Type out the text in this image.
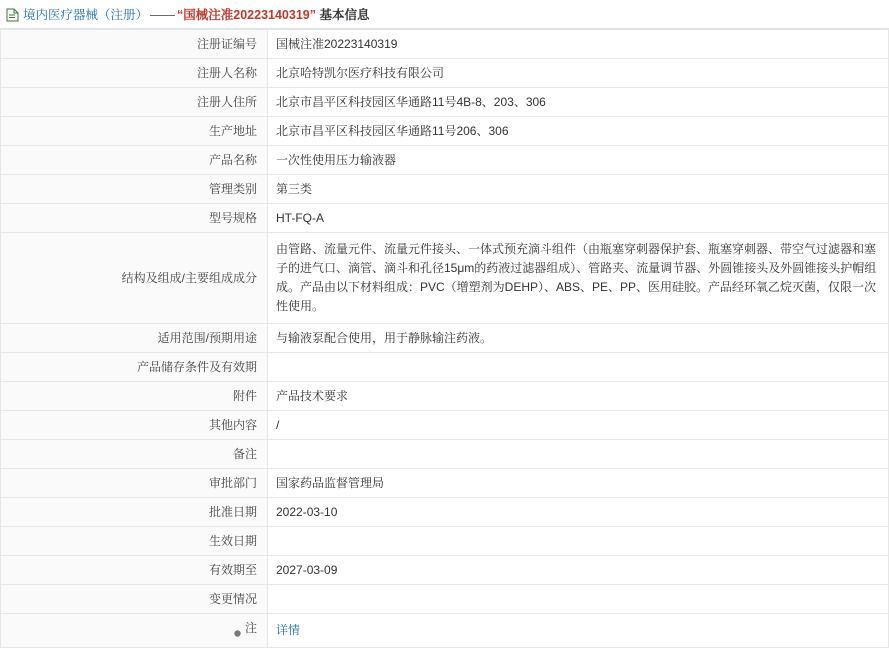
境内医疗器械（注册） —— “国械注准20223140319” 基本信息
注册证编号	国械注准20223140319
注册人名称	北京哈特凯尔医疗科技有限公司
注册人住所	北京市昌平区科技园区华通路11号4B-8、203、306
生产地址	北京市昌平区科技园区华通路11号206、306
产品名称	一次性使用压力输液器
管理类别	第三类
型号规格	HT-FQ-A
结构及组成/主要组成成分	由管路、流量元件、流量元件接头、一体式预充滴斗组件（由瓶塞穿刺器保护套、瓶塞穿刺器、带空气过滤器和塞子的进气口、滴管、滴斗和孔径15μm的药液过滤器组成）、管路夹、流量调节器、外圆锥接头及外圆锥接头护帽组成。产品由以下材料组成：PVC（增塑剂为DEHP）、ABS、PE、PP、医用硅胶。产品经环氧乙烷灭菌，仅限一次性使用。
适用范围/预期用途	与输液泵配合使用，用于静脉输注药液。
产品储存条件及有效期	
附件	产品技术要求
其他内容	/
备注	
审批部门	国家药品监督管理局
批准日期	2022-03-10
生效日期	
有效期至	2027-03-09
变更情况	

注	详情
